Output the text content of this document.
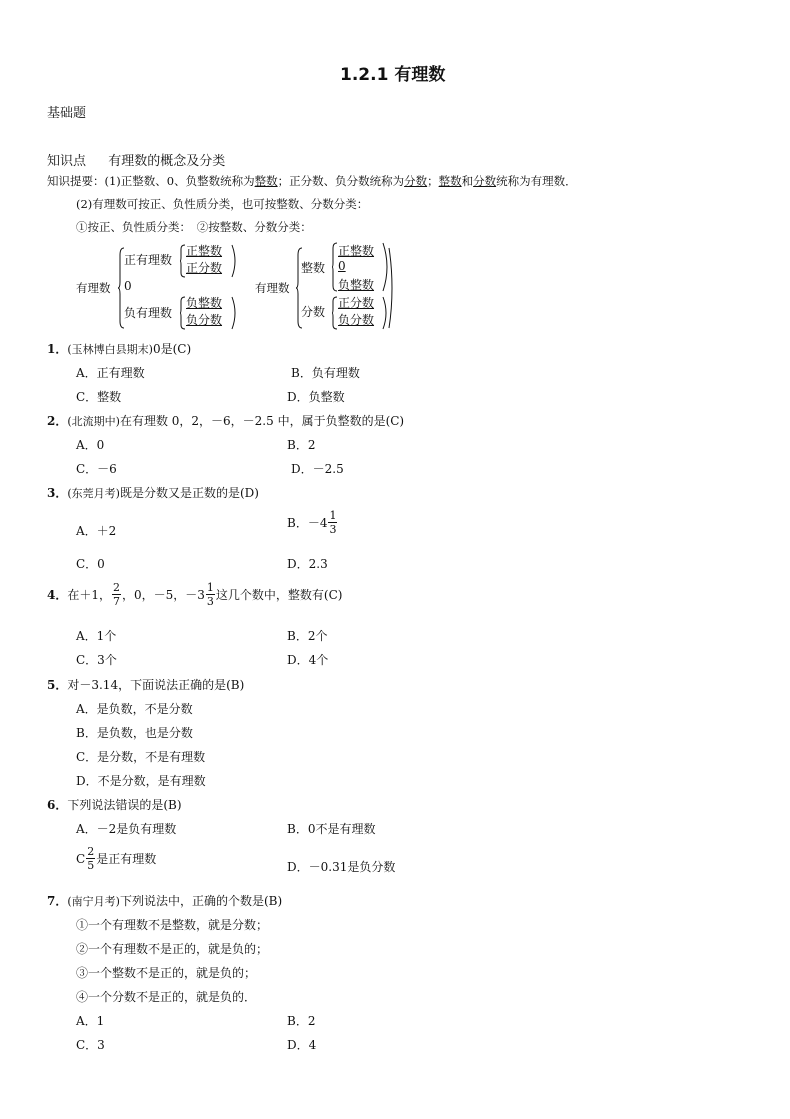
1.2.1 有理数
基础题
知识点 有理数的概念及分类
知识提要：(1)正整数、0、负整数统称为整数；正分数、负分数统称为分数；整数和分数统称为有理数．
(2)有理数可按正、负性质分类，也可按整数、分数分类：
①按正、负性质分类：　②按整数、分数分类：
有理数
正有理数
正整数
正分数
0
负有理数
负整数
负分数
有理数
整数
正整数
0
负整数
分数
正分数
负分数
1．(玉林博白县期末)0是(C)
A．正有理数	B．负有理数
C．整数	D．负整数
2．(北流期中)在有理数 0，2，－6，－2.5 中，属于负整数的是(C)
A．0	B．2
C．－6	D．－2.5
3．(东莞月考)既是分数又是正数的是(D)
A．＋2
B．$-4 \frac{1}{3}$
C．0	D．2.3
4． 在＋1， $\frac{2}{7}$ ，0，－5，$-3 \frac{1}{3}$ 这几个数中，整数有(C)
A．1个	B．2个
C．3个	D．4个
5．对－3.14，下面说法正确的是(B)
A．是负数，不是分数
B．是负数，也是分数
C．是分数，不是有理数
D．不是分数，是有理数
6．下列说法错误的是(B)
A．－2是负有理数	B．0不是有理数
C $\frac{2}{5}$ 是正有理数
D．－0.31是负分数
7．(南宁月考)下列说法中，正确的个数是(B)
①一个有理数不是整数，就是分数；
②一个有理数不是正的，就是负的；
③一个整数不是正的，就是负的；
④一个分数不是正的，就是负的．
A．1	B．2
C．3	D．4
